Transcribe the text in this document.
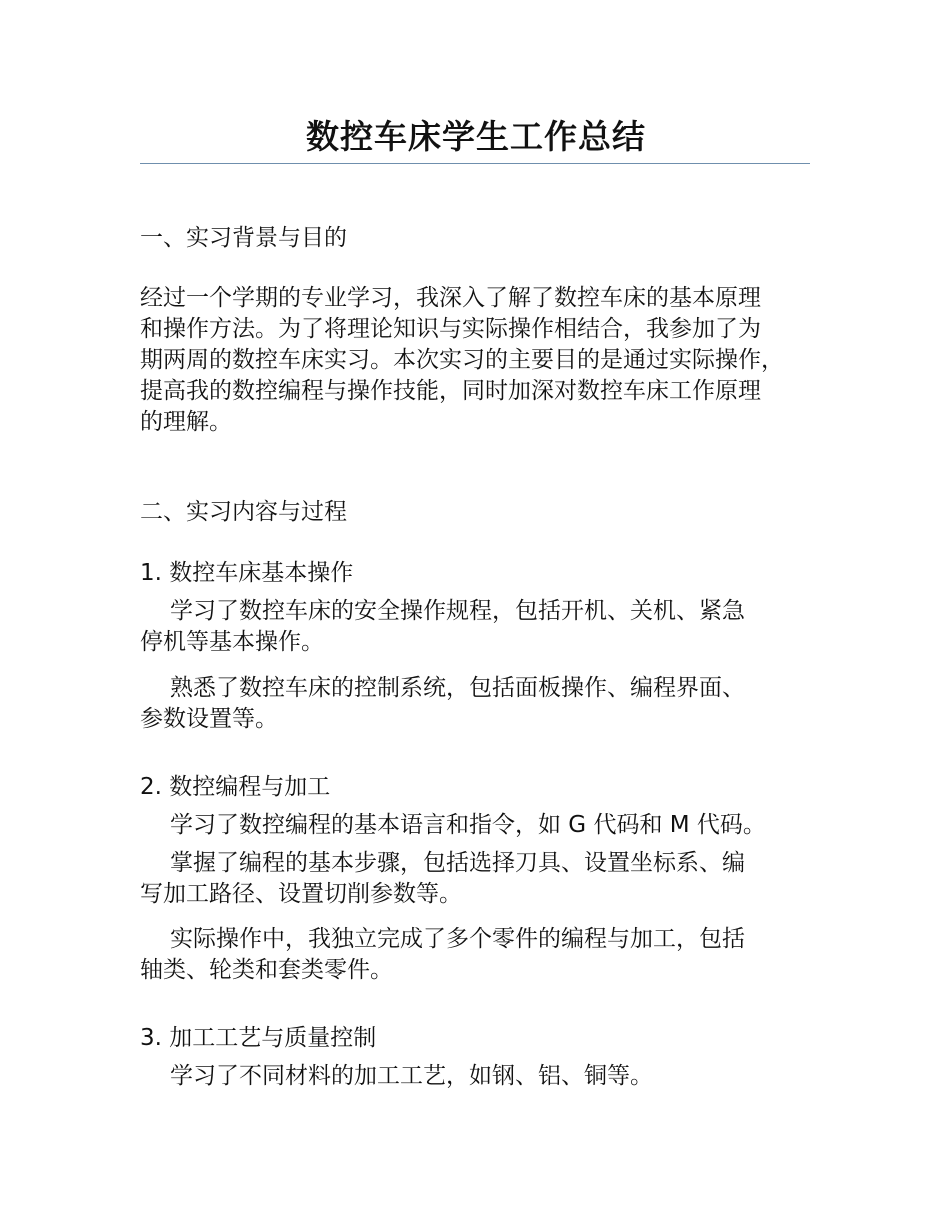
数控车床学生工作总结

一、实习背景与目的

经过一个学期的专业学习，我深入了解了数控车床的基本原理
和操作方法。为了将理论知识与实际操作相结合，我参加了为
期两周的数控车床实习。本次实习的主要目的是通过实际操作，
提高我的数控编程与操作技能，同时加深对数控车床工作原理
的理解。

二、实习内容与过程

1. 数控车床基本操作

学习了数控车床的安全操作规程，包括开机、关机、紧急
停机等基本操作。
熟悉了数控车床的控制系统，包括面板操作、编程界面、
参数设置等。

2. 数控编程与加工

学习了数控编程的基本语言和指令，如 G 代码和 M 代码。
掌握了编程的基本步骤，包括选择刀具、设置坐标系、编
写加工路径、设置切削参数等。
实际操作中，我独立完成了多个零件的编程与加工，包括
轴类、轮类和套类零件。

3. 加工工艺与质量控制

学习了不同材料的加工工艺，如钢、铝、铜等。
